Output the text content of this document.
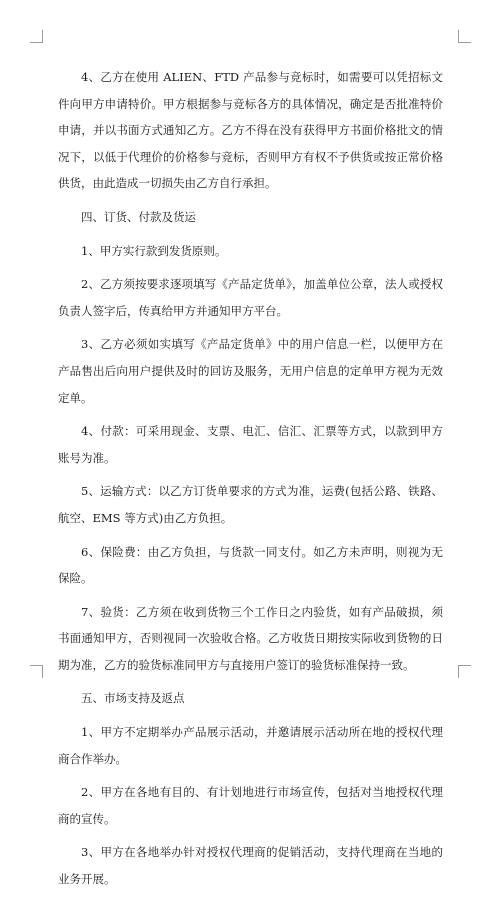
4、乙方在使用 ALIEN、FTD 产品参与竞标时，如需要可以凭招标文件向甲方申请特价。甲方根据参与竞标各方的具体情况，确定是否批准特价申请，并以书面方式通知乙方。乙方不得在没有获得甲方书面价格批文的情况下，以低于代理价的价格参与竞标，否则甲方有权不予供货或按正常价格供货，由此造成一切损失由乙方自行承担。

四、订货、付款及货运

1、甲方实行款到发货原则。

2、乙方须按要求逐项填写《产品定货单》，加盖单位公章，法人或授权负责人签字后，传真给甲方并通知甲方平台。

3、乙方必须如实填写《产品定货单》中的用户信息一栏，以便甲方在产品售出后向用户提供及时的回访及服务，无用户信息的定单甲方视为无效定单。

4、付款：可采用现金、支票、电汇、信汇、汇票等方式，以款到甲方账号为准。

5、运输方式：以乙方订货单要求的方式为准，运费(包括公路、铁路、航空、EMS 等方式)由乙方负担。

6、保险费：由乙方负担，与货款一同支付。如乙方未声明，则视为无保险。

7、验货：乙方须在收到货物三个工作日之内验货，如有产品破损，须书面通知甲方，否则视同一次验收合格。乙方收货日期按实际收到货物的日期为准，乙方的验货标准同甲方与直接用户签订的验货标准保持一致。

五、市场支持及返点

1、甲方不定期举办产品展示活动，并邀请展示活动所在地的授权代理商合作举办。

2、甲方在各地有目的、有计划地进行市场宣传，包括对当地授权代理商的宣传。

3、甲方在各地举办针对授权代理商的促销活动，支持代理商在当地的业务开展。
